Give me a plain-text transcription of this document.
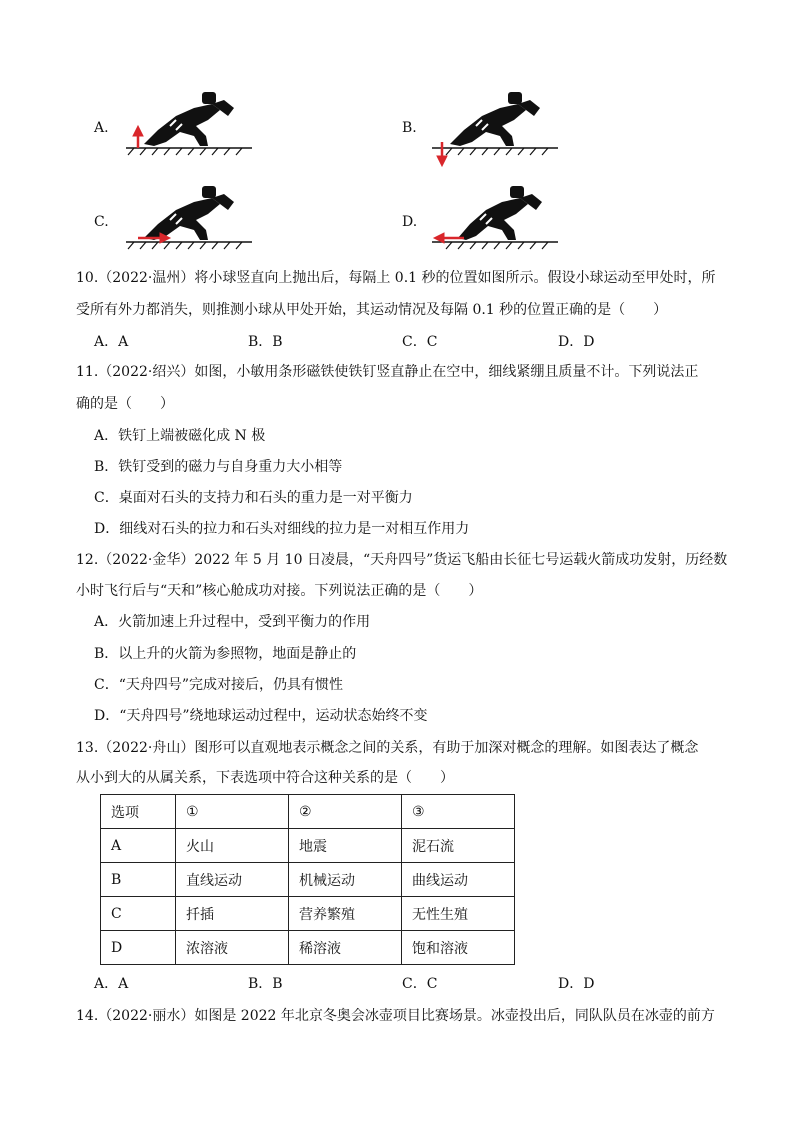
A.	B.
C.	D.
10.（2022·温州）将小球竖直向上抛出后，每隔上 0.1 秒的位置如图所示。假设小球运动至甲处时，所
受所有外力都消失，则推测小球从甲处开始，其运动情况及每隔 0.1 秒的位置正确的是（　　）
A．A	B．B	C．C	D．D
11.（2022·绍兴）如图，小敏用条形磁铁使铁钉竖直静止在空中，细线紧绷且质量不计。下列说法正
确的是（　　）
A．铁钉上端被磁化成 N 极
B．铁钉受到的磁力与自身重力大小相等
C．桌面对石头的支持力和石头的重力是一对平衡力
D．细线对石头的拉力和石头对细线的拉力是一对相互作用力
12.（2022·金华）2022 年 5 月 10 日凌晨，“天舟四号”货运飞船由长征七号运载火箭成功发射，历经数
小时飞行后与“天和”核心舱成功对接。下列说法正确的是（　　）
A．火箭加速上升过程中，受到平衡力的作用
B．以上升的火箭为参照物，地面是静止的
C．“天舟四号”完成对接后，仍具有惯性
D．“天舟四号”绕地球运动过程中，运动状态始终不变
13.（2022·舟山）图形可以直观地表示概念之间的关系，有助于加深对概念的理解。如图表达了概念
从小到大的从属关系，下表选项中符合这种关系的是（　　）
选项	①	②	③
A	火山	地震	泥石流
B	直线运动	机械运动	曲线运动
C	扦插	营养繁殖	无性生殖
D	浓溶液	稀溶液	饱和溶液
A．A	B．B	C．C	D．D
14.（2022·丽水）如图是 2022 年北京冬奥会冰壶项目比赛场景。冰壶投出后，同队队员在冰壶的前方
